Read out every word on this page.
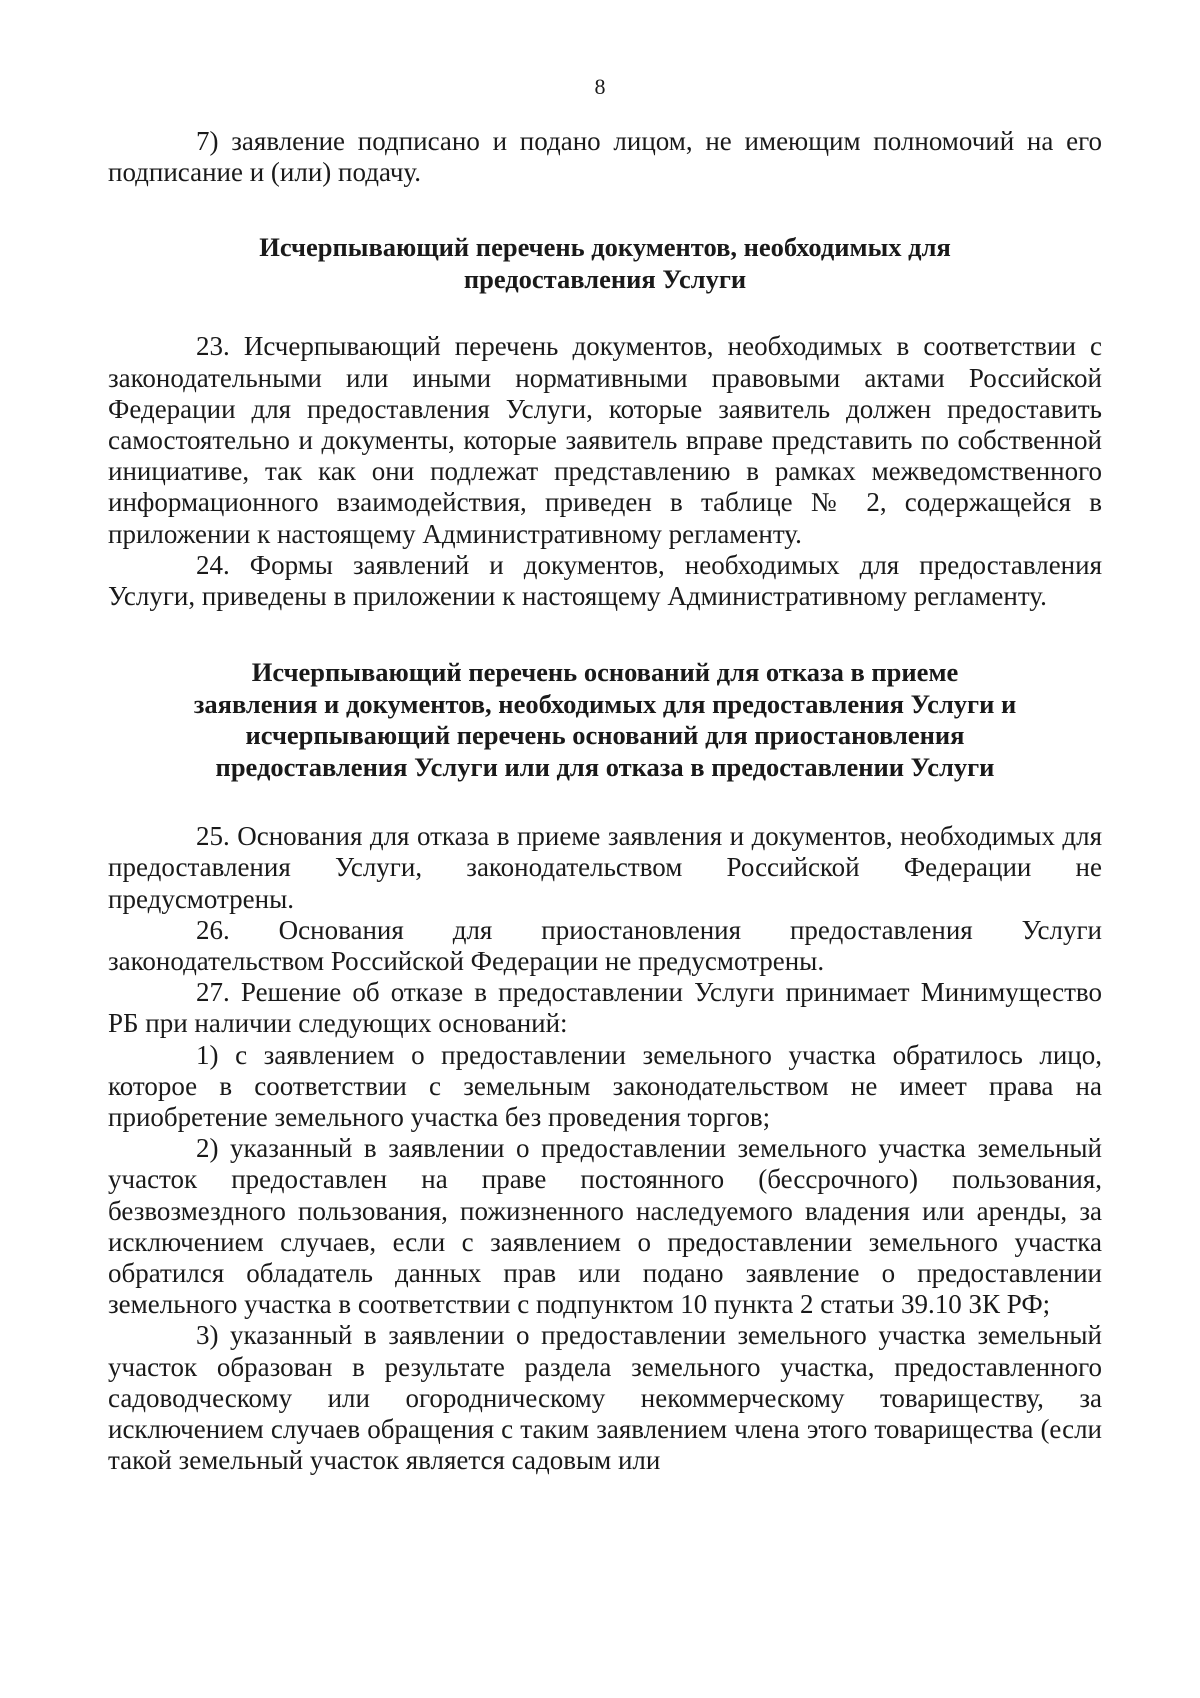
8

7) заявление подписано и подано лицом, не имеющим полномочий на его подписание и (или) подачу.

Исчерпывающий перечень документов, необходимых для
предоставления Услуги

23. Исчерпывающий перечень документов, необходимых в соответствии с законодательными или иными нормативными правовыми актами Российской Федерации для предоставления Услуги, которые заявитель должен предоставить самостоятельно и документы, которые заявитель вправе представить по собственной инициативе, так как они подлежат представлению в рамках межведомственного информационного взаимодействия, приведен в таблице № 2, содержащейся в приложении к настоящему Административному регламенту.

24. Формы заявлений и документов, необходимых для предоставления Услуги, приведены в приложении к настоящему Административному регламенту.

Исчерпывающий перечень оснований для отказа в приеме
заявления и документов, необходимых для предоставления Услуги и
исчерпывающий перечень оснований для приостановления
предоставления Услуги или для отказа в предоставлении Услуги

25. Основания для отказа в приеме заявления и документов, необходимых для предоставления Услуги, законодательством Российской Федерации не предусмотрены.

26. Основания для приостановления предоставления Услуги законодательством Российской Федерации не предусмотрены.

27. Решение об отказе в предоставлении Услуги принимает Минимущество РБ при наличии следующих оснований:

1) с заявлением о предоставлении земельного участка обратилось лицо, которое в соответствии с земельным законодательством не имеет права на приобретение земельного участка без проведения торгов;

2) указанный в заявлении о предоставлении земельного участка земельный участок предоставлен на праве постоянного (бессрочного) пользования, безвозмездного пользования, пожизненного наследуемого владения или аренды, за исключением случаев, если с заявлением о предоставлении земельного участка обратился обладатель данных прав или подано заявление о предоставлении земельного участка в соответствии с подпунктом 10 пункта 2 статьи 39.10 ЗК РФ;

3) указанный в заявлении о предоставлении земельного участка земельный участок образован в результате раздела земельного участка, предоставленного садоводческому или огородническому некоммерческому товариществу, за исключением случаев обращения с таким заявлением члена этого товарищества (если такой земельный участок является садовым или
